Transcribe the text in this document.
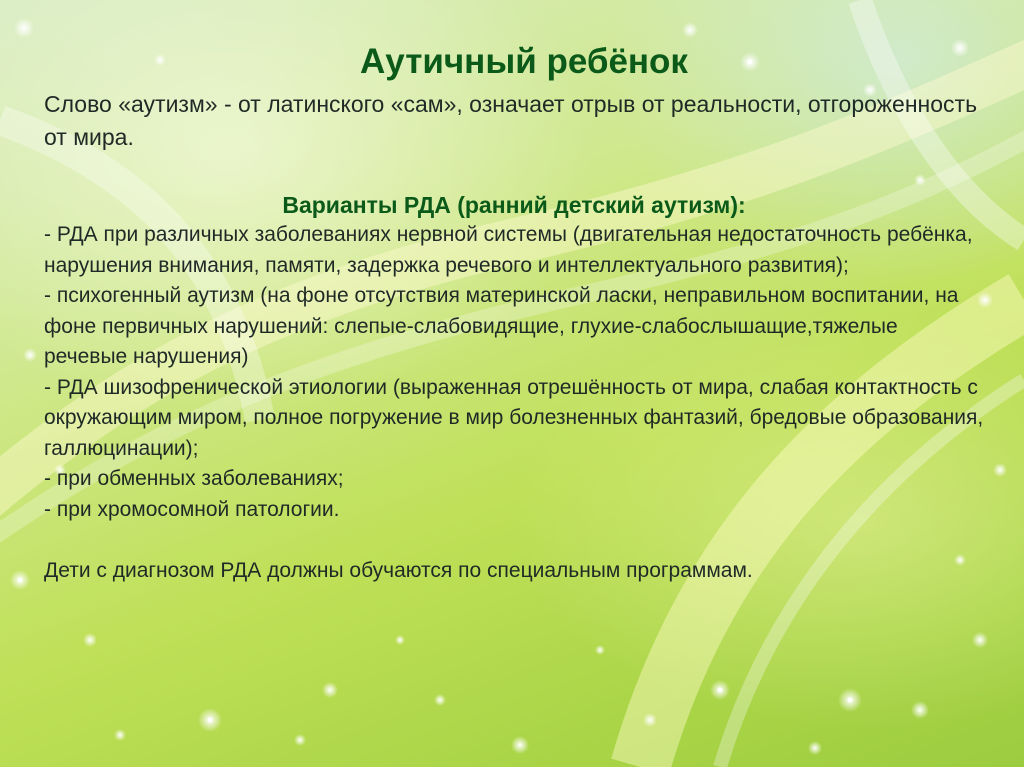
Аутичный ребёнок

Слово «аутизм» - от латинского «сам», означает отрыв от реальности, отгороженность от мира.

Варианты РДА (ранний детский аутизм):
- РДА при различных заболеваниях нервной системы (двигательная недостаточность ребёнка, нарушения внимания, памяти, задержка речевого и интеллектуального развития);
- психогенный аутизм (на фоне отсутствия материнской ласки, неправильном воспитании, на фоне первичных нарушений: слепые-слабовидящие, глухие-слабослышащие,тяжелые речевые нарушения)
- РДА шизофренической этиологии (выраженная отрешённость от мира, слабая контактность с окружающим миром, полное погружение в мир болезненных фантазий, бредовые образования, галлюцинации);
- при обменных заболеваниях;
- при хромосомной патологии.

Дети с диагнозом РДА должны обучаются по специальным программам.
